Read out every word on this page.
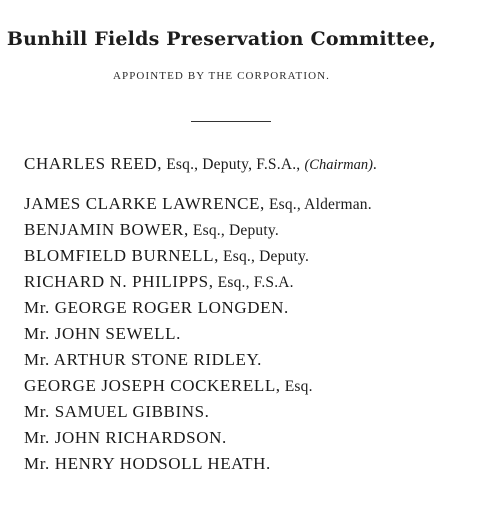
Bunhill Fields Preservation Committee,
APPOINTED BY THE CORPORATION.
CHARLES REED, Esq., Deputy, F.S.A., (Chairman).
JAMES CLARKE LAWRENCE, Esq., Alderman.
BENJAMIN BOWER, Esq., Deputy.
BLOMFIELD BURNELL, Esq., Deputy.
RICHARD N. PHILIPPS, Esq., F.S.A.
Mr. GEORGE ROGER LONGDEN.
Mr. JOHN SEWELL.
Mr. ARTHUR STONE RIDLEY.
GEORGE JOSEPH COCKERELL, Esq.
Mr. SAMUEL GIBBINS.
Mr. JOHN RICHARDSON.
Mr. HENRY HODSOLL HEATH.
